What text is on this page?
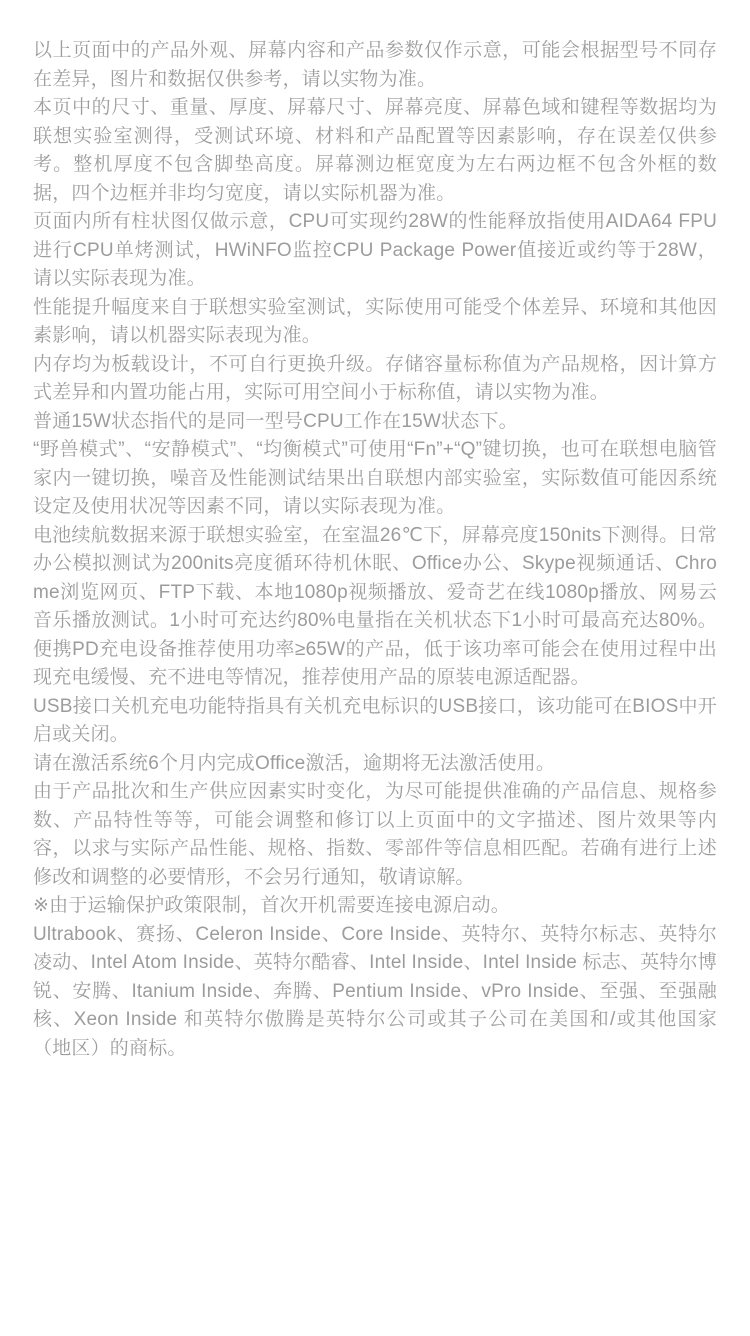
以上页面中的产品外观、屏幕内容和产品参数仅作示意，可能会根据型号不同存在差异，图片和数据仅供参考，请以实物为准。

本页中的尺寸、重量、厚度、屏幕尺寸、屏幕亮度、屏幕色域和键程等数据均为联想实验室测得，受测试环境、材料和产品配置等因素影响，存在误差仅供参考。整机厚度不包含脚垫高度。屏幕测边框宽度为左右两边框不包含外框的数据，四个边框并非均匀宽度，请以实际机器为准。

页面内所有柱状图仅做示意，CPU可实现约28W的性能释放指使用AIDA64 FPU进行CPU单烤测试，HWiNFO监控CPU Package Power值接近或约等于28W，请以实际表现为准。

性能提升幅度来自于联想实验室测试，实际使用可能受个体差异、环境和其他因素影响，请以机器实际表现为准。

内存均为板载设计，不可自行更换升级。存储容量标称值为产品规格，因计算方式差异和内置功能占用，实际可用空间小于标称值，请以实物为准。

普通15W状态指代的是同一型号CPU工作在15W状态下。

“野兽模式”、“安静模式”、“均衡模式”可使用“Fn”+“Q”键切换，也可在联想电脑管家内一键切换，噪音及性能测试结果出自联想内部实验室，实际数值可能因系统设定及使用状况等因素不同，请以实际表现为准。

电池续航数据来源于联想实验室，在室温26℃下，屏幕亮度150nits下测得。日常办公模拟测试为200nits亮度循环待机休眠、Office办公、Skype视频通话、Chrome浏览网页、FTP下载、本地1080p视频播放、爱奇艺在线1080p播放、网易云音乐播放测试。1小时可充达约80%电量指在关机状态下1小时可最高充达80%。便携PD充电设备推荐使用功率≥65W的产品，低于该功率可能会在使用过程中出现充电缓慢、充不进电等情况，推荐使用产品的原装电源适配器。

USB接口关机充电功能特指具有关机充电标识的USB接口，该功能可在BIOS中开启或关闭。

请在激活系统6个月内完成Office激活，逾期将无法激活使用。

由于产品批次和生产供应因素实时变化，为尽可能提供准确的产品信息、规格参数、产品特性等等，可能会调整和修订以上页面中的文字描述、图片效果等内容，以求与实际产品性能、规格、指数、零部件等信息相匹配。若确有进行上述修改和调整的必要情形，不会另行通知，敬请谅解。

※由于运输保护政策限制，首次开机需要连接电源启动。

Ultrabook、赛扬、Celeron Inside、Core Inside、英特尔、英特尔标志、英特尔凌动、Intel Atom Inside、英特尔酷睿、Intel Inside、Intel Inside 标志、英特尔博锐、安腾、Itanium Inside、奔腾、Pentium Inside、vPro Inside、至强、至强融核、Xeon Inside 和英特尔傲腾是英特尔公司或其子公司在美国和/或其他国家（地区）的商标。
